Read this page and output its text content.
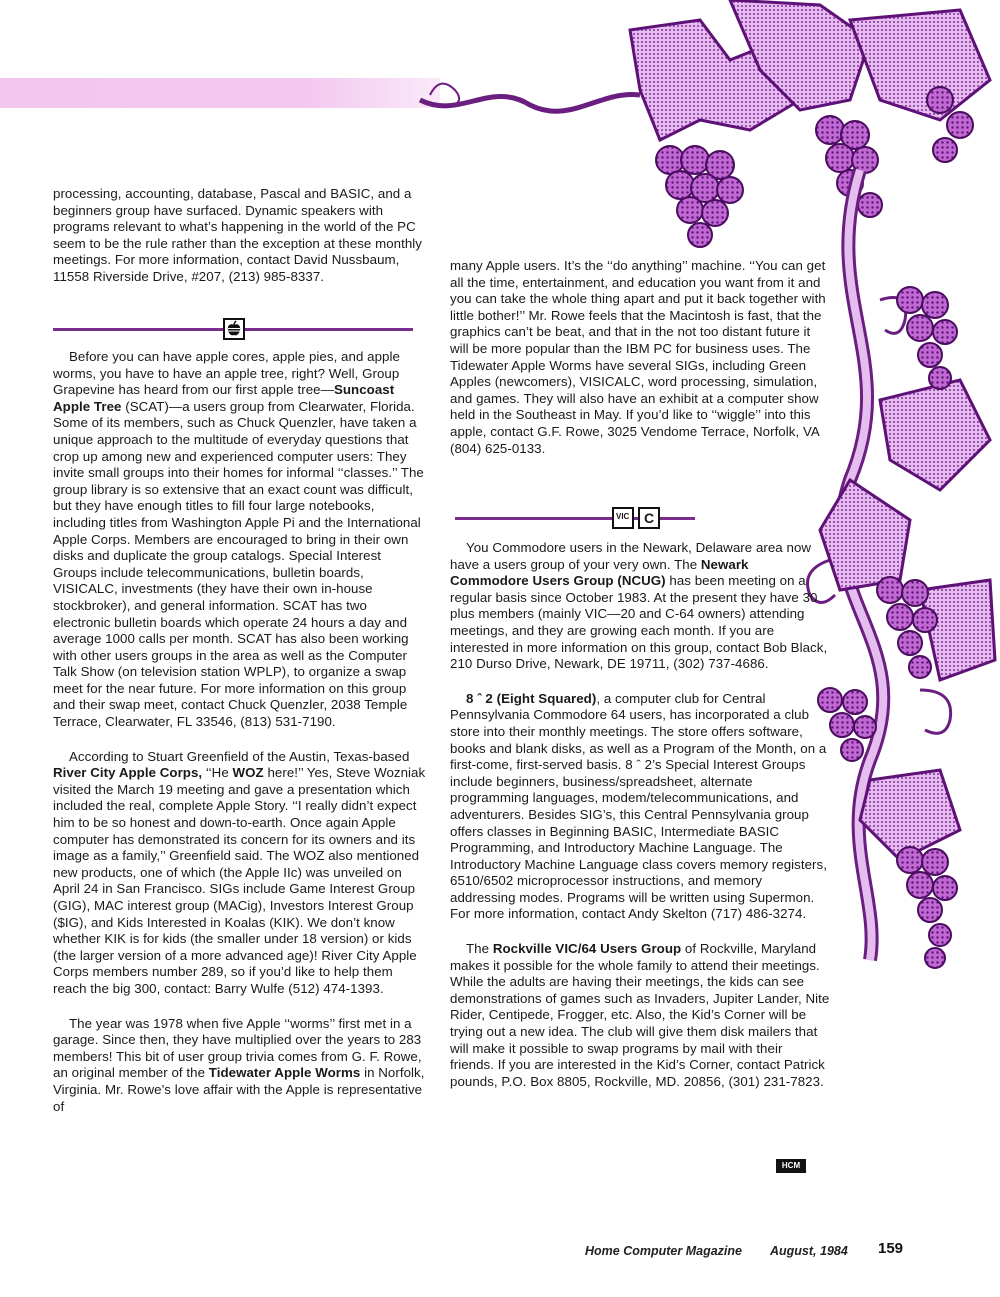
processing, accounting, database, Pascal and BASIC, and a beginners group have surfaced. Dynamic speakers with programs relevant to what’s happening in the world of the PC seem to be the rule rather than the exception at these monthly meetings. For more information, contact David Nussbaum, 11558 Riverside Drive, #207, (213) 985-8337.

Before you can have apple cores, apple pies, and apple worms, you have to have an apple tree, right? Well, Group Grapevine has heard from our first apple tree—Suncoast Apple Tree (SCAT)—a users group from Clearwater, Florida. Some of its members, such as Chuck Quenzler, have taken a unique approach to the multitude of everyday questions that crop up among new and experienced computer users: They invite small groups into their homes for informal ‘‘classes.’’ The group library is so extensive that an exact count was difficult, but they have enough titles to fill four large notebooks, including titles from Washington Apple Pi and the International Apple Corps. Members are encouraged to bring in their own disks and duplicate the group catalogs. Special Interest Groups include telecommunications, bulletin boards, VISICALC, investments (they have their own in-house stockbroker), and general information. SCAT has two electronic bulletin boards which operate 24 hours a day and average 1000 calls per month. SCAT has also been working with other users groups in the area as well as the Computer Talk Show (on television station WPLP), to organize a swap meet for the near future. For more information on this group and their swap meet, contact Chuck Quenzler, 2038 Temple Terrace, Clearwater, FL 33546, (813) 531-7190.

According to Stuart Greenfield of the Austin, Texas-based River City Apple Corps, ‘‘He WOZ here!’’ Yes, Steve Wozniak visited the March 19 meeting and gave a presentation which included the real, complete Apple Story. ‘‘I really didn’t expect him to be so honest and down-to-earth. Once again Apple computer has demonstrated its concern for its owners and its image as a family,’’ Greenfield said. The WOZ also mentioned new products, one of which (the Apple IIc) was unveiled on April 24 in San Francisco. SIGs include Game Interest Group (GIG), MAC interest group (MACig), Investors Interest Group ($IG), and Kids Interested in Koalas (KIK). We don’t know whether KIK is for kids (the smaller under 18 version) or kids (the larger version of a more advanced age)! River City Apple Corps members number 289, so if you’d like to help them reach the big 300, contact: Barry Wulfe (512) 474-1393.

The year was 1978 when five Apple ‘‘worms’’ first met in a garage. Since then, they have multiplied over the years to 283 members! This bit of user group trivia comes from G. F. Rowe, an original member of the Tidewater Apple Worms in Norfolk, Virginia. Mr. Rowe’s love affair with the Apple is representative of

many Apple users. It’s the ‘‘do anything’’ machine. ‘‘You can get all the time, entertainment, and education you want from it and you can take the whole thing apart and put it back together with little bother!’’ Mr. Rowe feels that the Macintosh is fast, that the graphics can’t be beat, and that in the not too distant future it will be more popular than the IBM PC for business uses. The Tidewater Apple Worms have several SIGs, including Green Apples (newcomers), VISICALC, word processing, simulation, and games. They will also have an exhibit at a computer show held in the Southeast in May. If you’d like to ‘‘wiggle’’ into this apple, contact G.F. Rowe, 3025 Vendome Terrace, Norfolk, VA (804) 625-0133.

VIC C

You Commodore users in the Newark, Delaware area now have a users group of your very own. The Newark Commodore Users Group (NCUG) has been meeting on a regular basis since October 1983. At the present they have 30 plus members (mainly VIC—20 and C-64 owners) attending meetings, and they are growing each month. If you are interested in more information on this group, contact Bob Black, 210 Durso Drive, Newark, DE 19711, (302) 737-4686.

8 ˆ 2 (Eight Squared), a computer club for Central Pennsylvania Commodore 64 users, has incorporated a club store into their monthly meetings. The store offers software, books and blank disks, as well as a Program of the Month, on a first-come, first-served basis. 8 ˆ 2’s Special Interest Groups include beginners, business/spreadsheet, alternate programming languages, modem/telecommunications, and adventurers. Besides SIG’s, this Central Pennsylvania group offers classes in Beginning BASIC, Intermediate BASIC Programming, and Introductory Machine Language. The Introductory Machine Language class covers memory registers, 6510/6502 microprocessor instructions, and memory addressing modes. Programs will be written using Supermon. For more information, contact Andy Skelton (717) 486-3274.

The Rockville VIC/64 Users Group of Rockville, Maryland makes it possible for the whole family to attend their meetings. While the adults are having their meetings, the kids can see demonstrations of games such as Invaders, Jupiter Lander, Nite Rider, Centipede, Frogger, etc. Also, the Kid’s Corner will be trying out a new idea. The club will give them disk mailers that will make it possible to swap programs by mail with their friends. If you are interested in the Kid’s Corner, contact Patrick pounds, P.O. Box 8805, Rockville, MD. 20856, (301) 231-7823.

HCM
Home Computer Magazine August, 1984 159
